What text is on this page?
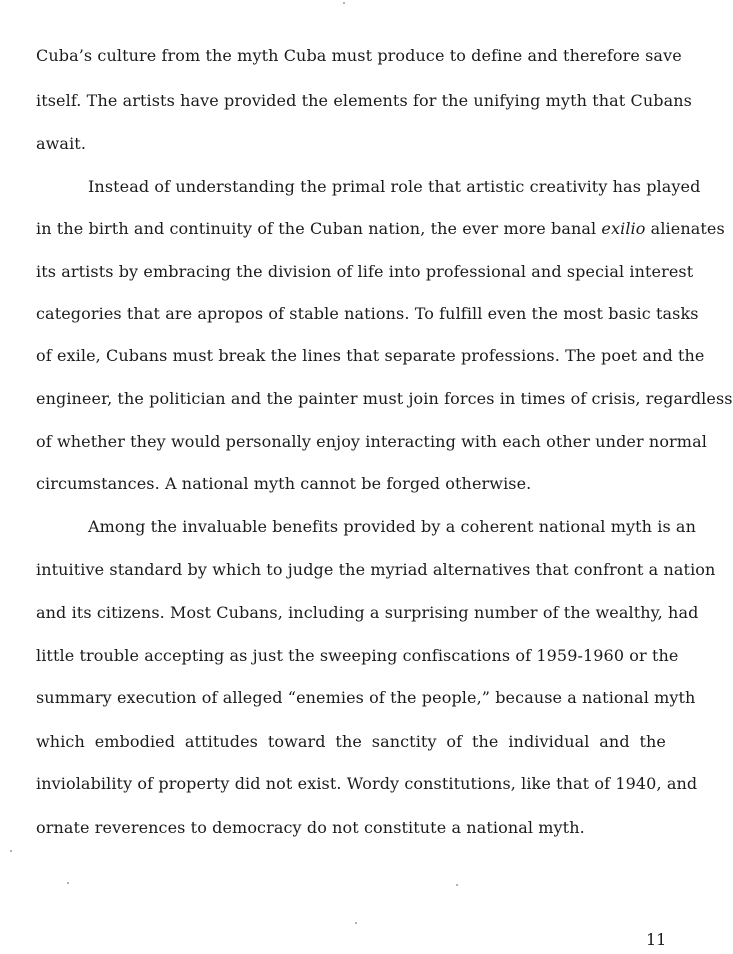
Cuba’s culture from the myth Cuba must produce to define and therefore save
itself. The artists have provided the elements for the unifying myth that Cubans
await.
Instead of understanding the primal role that artistic creativity has played
in the birth and continuity of the Cuban nation, the ever more banal exilio alienates
its artists by embracing the division of life into professional and special interest
categories that are apropos of stable nations. To fulfill even the most basic tasks
of exile, Cubans must break the lines that separate professions. The poet and the
engineer, the politician and the painter must join forces in times of crisis, regardless
of whether they would personally enjoy interacting with each other under normal
circumstances. A national myth cannot be forged otherwise.
Among the invaluable benefits provided by a coherent national myth is an
intuitive standard by which to judge the myriad alternatives that confront a nation
and its citizens. Most Cubans, including a surprising number of the wealthy, had
little trouble accepting as just the sweeping confiscations of 1959-1960 or the
summary execution of alleged “enemies of the people,” because a national myth
which embodied attitudes toward the sanctity of the individual and the
inviolability of property did not exist. Wordy constitutions, like that of 1940, and
ornate reverences to democracy do not constitute a national myth.
11
